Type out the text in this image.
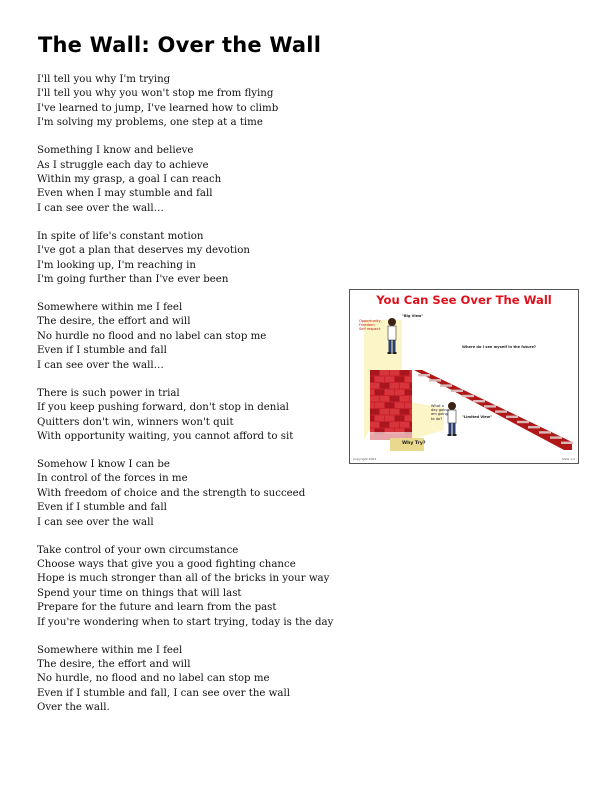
The Wall: Over the Wall
I'll tell you why I'm trying
I'll tell you why you won't stop me from flying
I've learned to jump, I've learned how to climb
I'm solving my problems, one step at a time
Something I know and believe
As I struggle each day to achieve
Within my grasp, a goal I can reach
Even when I may stumble and fall
I can see over the wall…
In spite of life's constant motion
I've got a plan that deserves my devotion
I'm looking up, I'm reaching in
I'm going further than I've ever been
Somewhere within me I feel
The desire, the effort and will
No hurdle no flood and no label can stop me
Even if I stumble and fall
I can see over the wall…
There is such power in trial
If you keep pushing forward, don't stop in denial
Quitters don't win, winners won't quit
With opportunity waiting, you cannot afford to sit
Somehow I know I can be
In control of the forces in me
With freedom of choice and the strength to succeed
Even if I stumble and fall
I can see over the wall
Take control of your own circumstance
Choose ways that give you a good fighting chance
Hope is much stronger than all of the bricks in your way
Spend your time on things that will last
Prepare for the future and learn from the past
If you're wondering when to start trying, today is the day
Somewhere within me I feel
The desire, the effort and will
No hurdle, no flood and no label can stop me
Even if I stumble and fall, I can see over the wall
Over the wall.
You Can See Over The Wall
Opportunity,
Freedom
Self respect
"Big View"
Where do I see myself in the future?
What a
day going
am going
to do?	"Limited View"
Why Try?
Copyright 2005	Slide 1.2
